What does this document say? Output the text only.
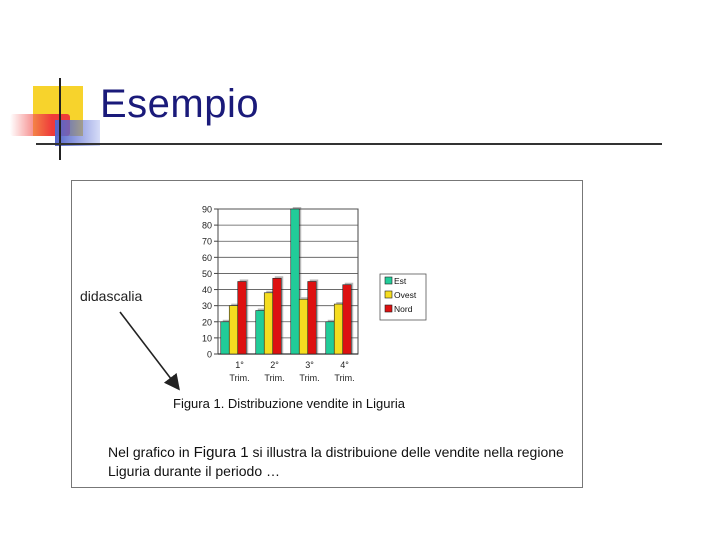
Esempio
didascalia
0
10
20
30
40
50
60
70
80
90
1°
Trim.
2°
Trim.
3°
Trim.
4°
Trim.
Est
Ovest
Nord
Figura 1. Distribuzione vendite in Liguria
Nel grafico in Figura 1 si illustra la distribuione delle vendite nella regione Liguria durante il periodo …
